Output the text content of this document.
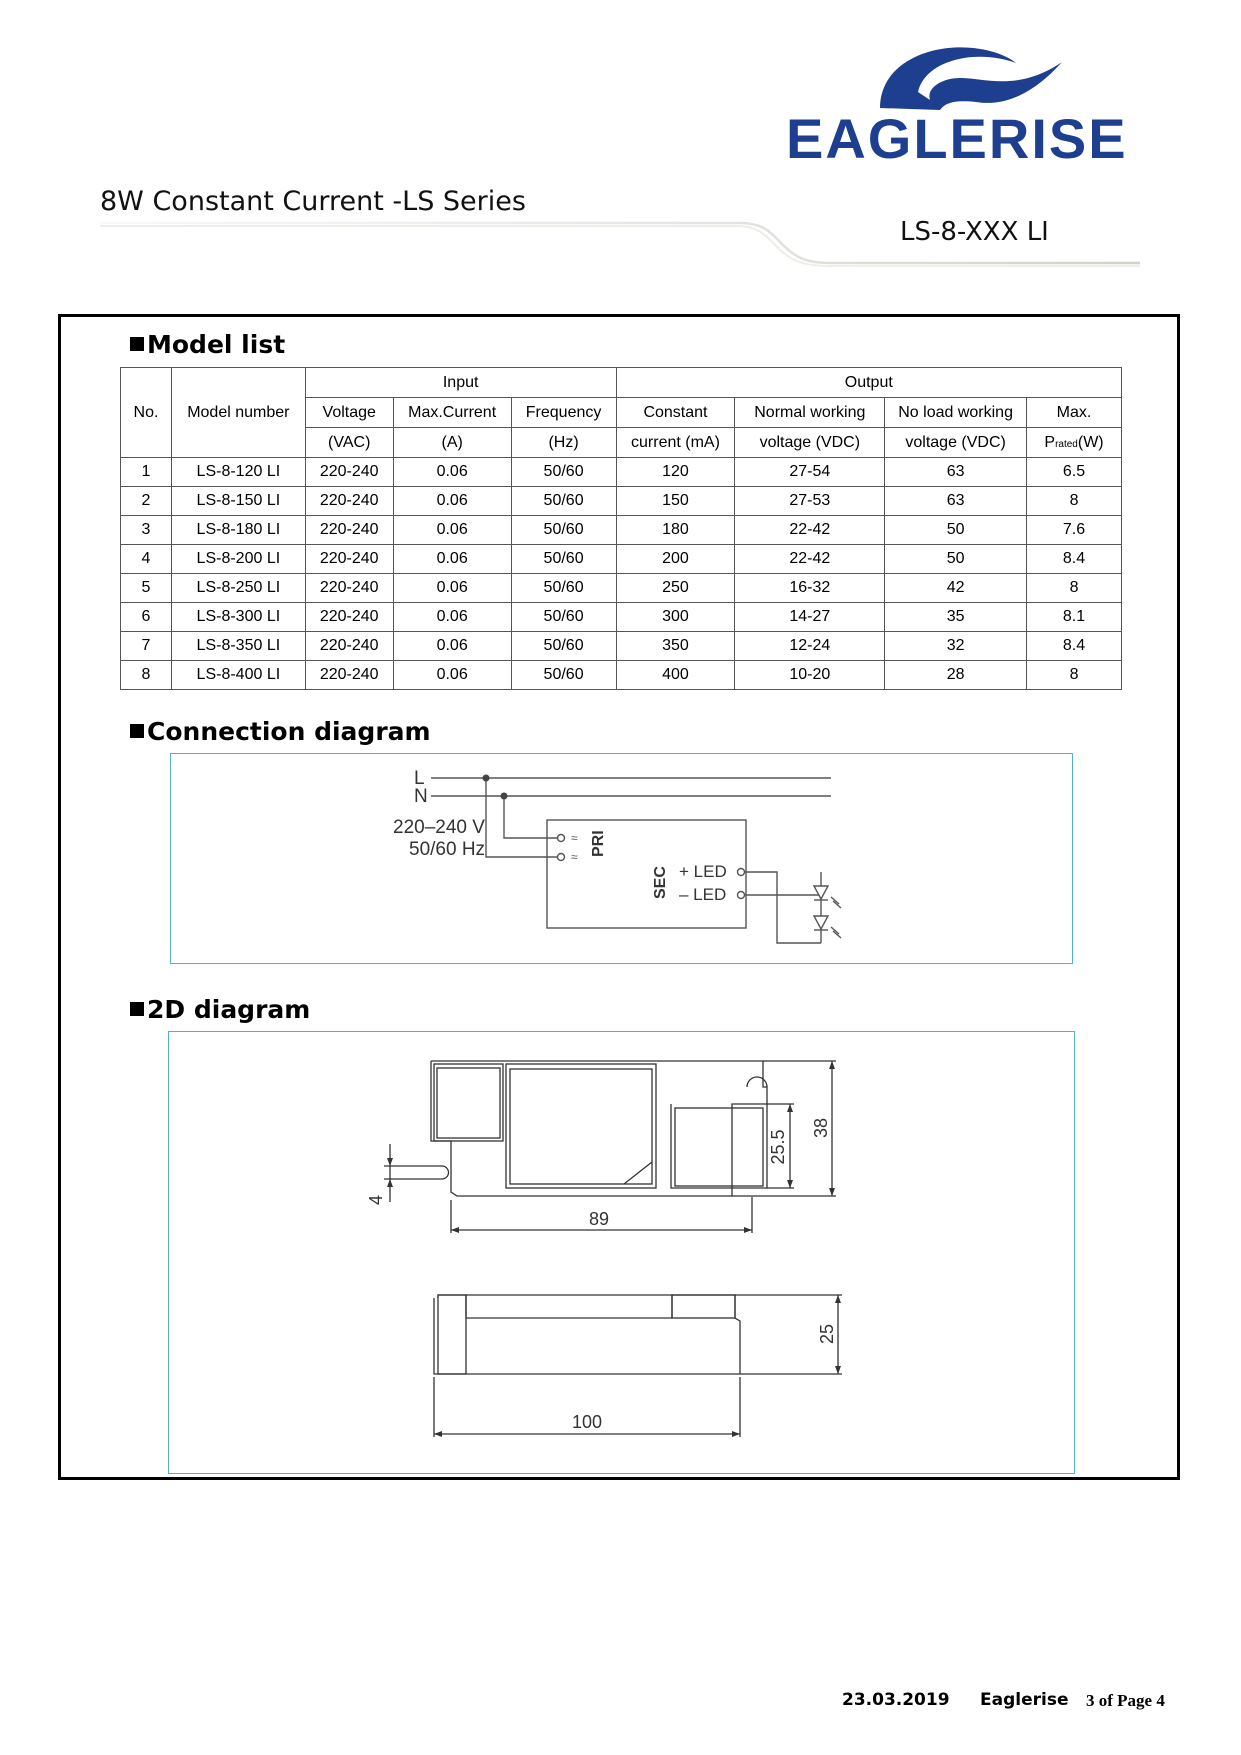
EAGLERISE
8W Constant Current -LS Series
LS-8-XXX LI
Model list
No.	Model number	Input			Output			
		Voltage	Max.Current	Frequency	Constant	Normal working	No load working	Max.
		(VAC)	(A)	(Hz)	current (mA)	voltage (VDC)	voltage (VDC)	Prated(W)
1	LS-8-120 LI	220-240	0.06	50/60	120	27-54	63	6.5
2	LS-8-150 LI	220-240	0.06	50/60	150	27-53	63	8
3	LS-8-180 LI	220-240	0.06	50/60	180	22-42	50	7.6
4	LS-8-200 LI	220-240	0.06	50/60	200	22-42	50	8.4
5	LS-8-250 LI	220-240	0.06	50/60	250	16-32	42	8
6	LS-8-300 LI	220-240	0.06	50/60	300	14-27	35	8.1
7	LS-8-350 LI	220-240	0.06	50/60	350	12-24	32	8.4
8	LS-8-400 LI	220-240	0.06	50/60	400	10-20	28	8
Connection diagram
L
N
220–240 V
50/60 Hz
≈
≈ PRI
SEC + LED
– LED
2D diagram
89
25.5
38
4
100
25
23.03.2019 Eaglerise 3 of Page 4
